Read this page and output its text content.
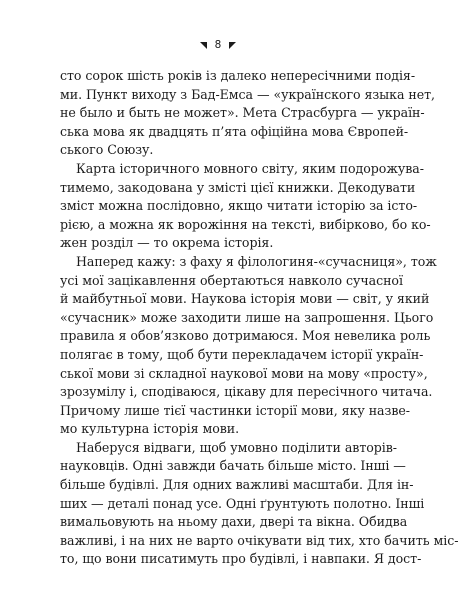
8

сто сорок шість років із далеко непересічними подія-
ми. Пункт виходу з Бад-Емса — «украïнского языка нет,
не было и быть не может». Мета Страсбурга — україн-
ська мова як двадцять п’ята офіційна мова Європей-
ського Союзу.

Карта історичного мовного світу, яким подорожува-
тимемо, закодована у змісті цієї книжки. Декодувати
зміст можна послідовно, якщо читати історію за істо-
рією, а можна як ворожіння на тексті, вибірково, бо ко-
жен розділ — то окрема історія.

Наперед кажу: з фаху я філологиня-«сучасниця», тож
усі мої зацікавлення обертаються навколо сучасної
й майбутньої мови. Наукова історія мови — світ, у який
«сучасник» може заходити лише на запрошення. Цього
правила я обов’язково дотримаюся. Моя невелика роль
полягає в тому, щоб бути перекладачем історії україн-
ської мови зі складної наукової мови на мову «просту»,
зрозумілу і, сподіваюся, цікаву для пересічного читача.
Причому лише тієї частинки історії мови, яку назве-
мо культурна історія мови.

Наберуся відваги, щоб умовно поділити авторів-
науковців. Одні завжди бачать більше місто. Інші —
більше будівлі. Для одних важливі масштаби. Для ін-
ших — деталі понад усе. Одні ґрунтують полотно. Інші
вимальовують на ньому дахи, двері та вікна. Обидва
важливі, і на них не варто очікувати від тих, хто бачить міс-
то, що вони писатимуть про будівлі, і навпаки. Я дост-
